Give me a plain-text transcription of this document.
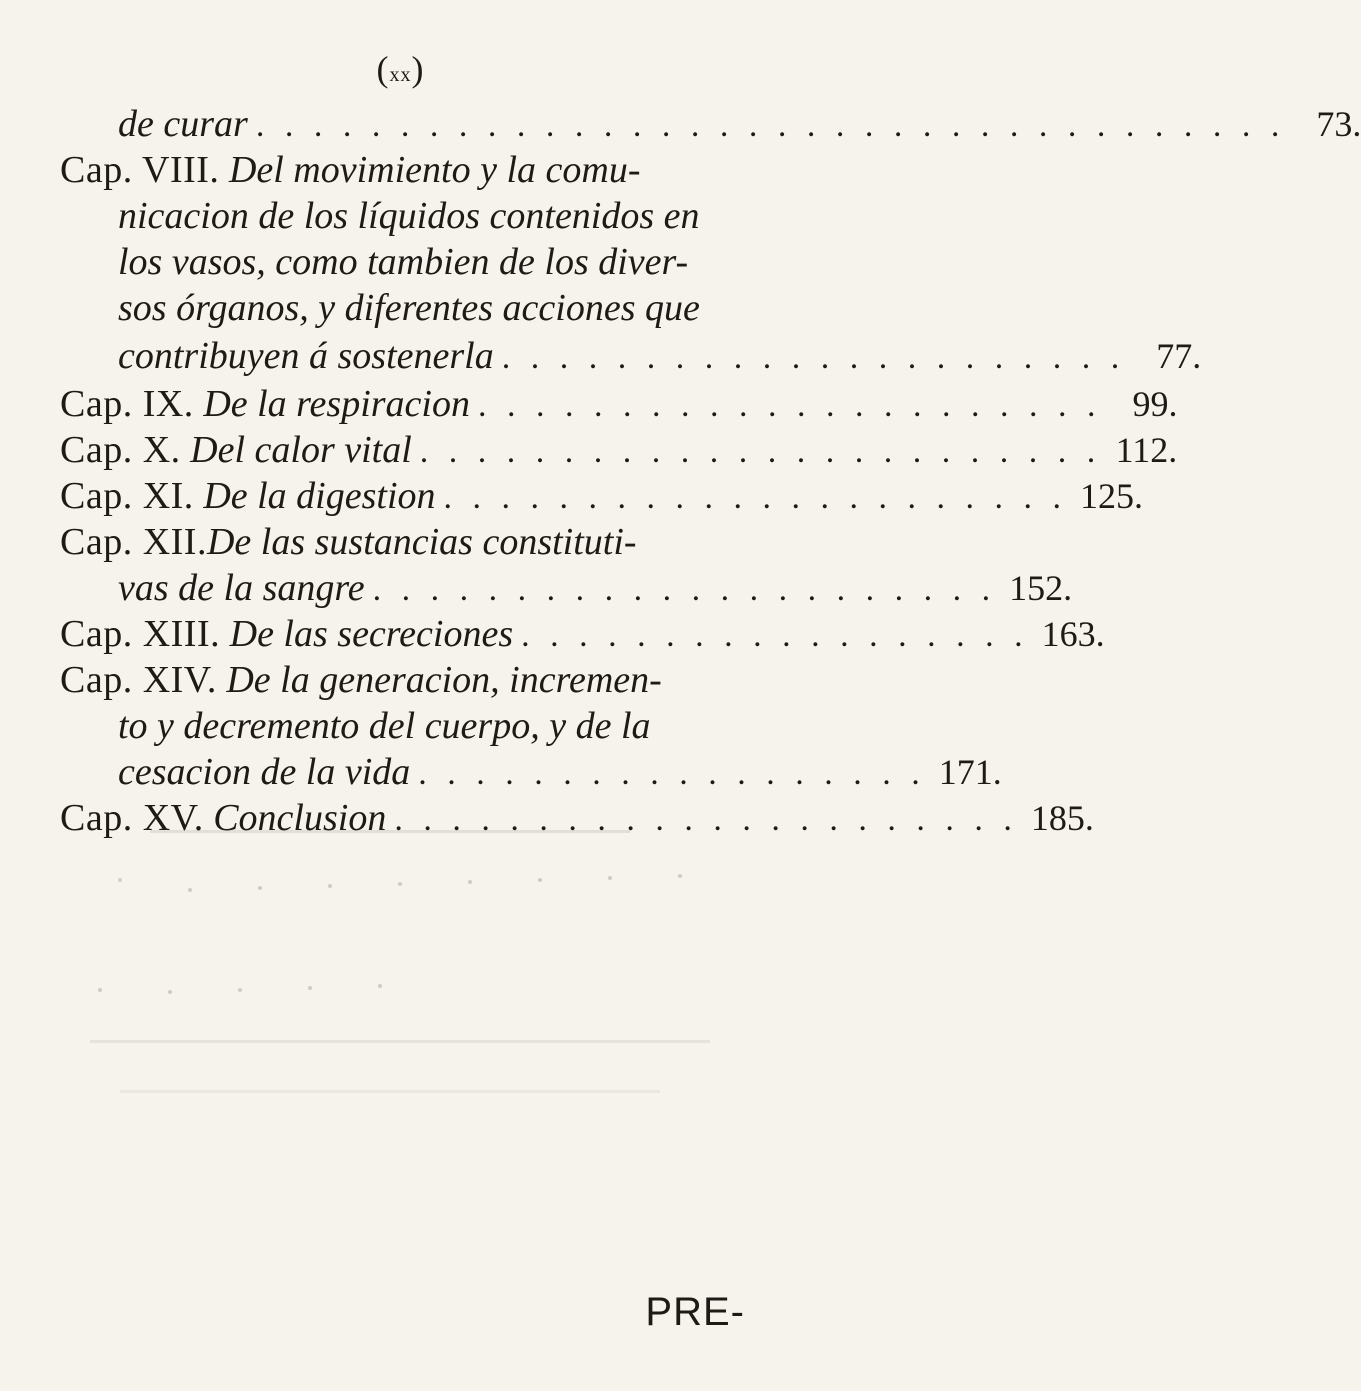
(xx)
de curar . . . . . . . . . . . . . . . . . . . . . . . . . . . . . . . . . . . . 73.
Cap. VIII.
Del movimiento y la comu-
nicacion de los líquidos contenidos en
los vasos, como tambien de los diver-
sos órganos, y diferentes acciones que
contribuyen á sostenerla . . . . . . . . . . . . . . . . . . . . . . 77.
Cap. IX.
De la respiracion . . . . . . . . . . . . . . . . . . . . . . 99.
Cap. X.
Del calor vital . . . . . . . . . . . . . . . . . . . . . . . . 112.
Cap. XI.
De la digestion . . . . . . . . . . . . . . . . . . . . . . 125.
Cap. XII. De las sustancias constituti-
vas de la sangre . . . . . . . . . . . . . . . . . . . . . . 152.
Cap. XIII.
De las secreciones . . . . . . . . . . . . . . . . . . 163.
Cap. XIV.
De la generacion, incremen-
to y decremento del cuerpo, y de la
cesacion de la vida . . . . . . . . . . . . . . . . . . 171.
Cap. XV.
Conclusion . . . . . . . . . . . . . . . . . . . . . . 185.
PRE-
